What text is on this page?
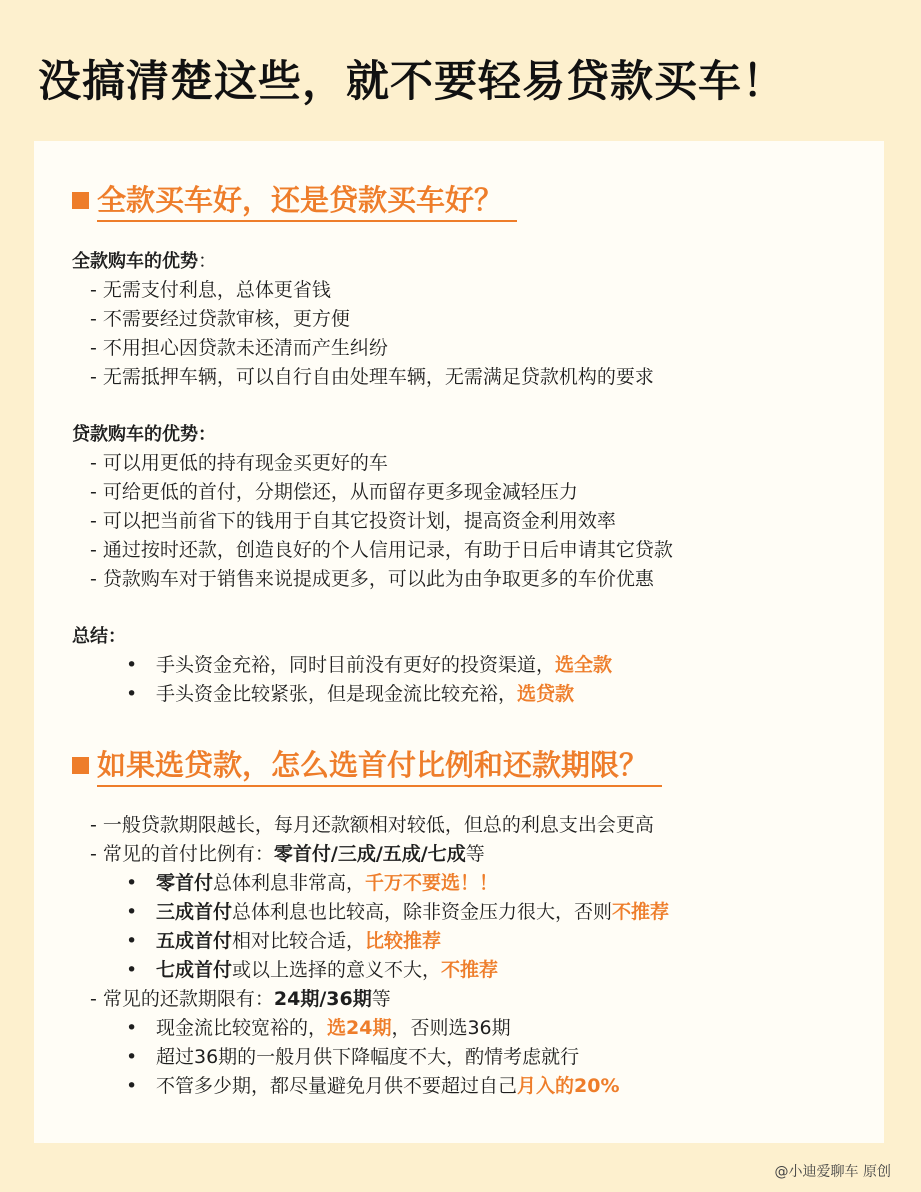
没搞清楚这些，就不要轻易贷款买车！
全款买车好，还是贷款买车好？
全款购车的优势：
- 无需支付利息，总体更省钱
- 不需要经过贷款审核，更方便
- 不用担心因贷款未还清而产生纠纷
- 无需抵押车辆，可以自行自由处理车辆，无需满足贷款机构的要求
贷款购车的优势：
- 可以用更低的持有现金买更好的车
- 可给更低的首付，分期偿还，从而留存更多现金减轻压力
- 可以把当前省下的钱用于自其它投资计划，提高资金利用效率
- 通过按时还款，创造良好的个人信用记录，有助于日后申请其它贷款
- 贷款购车对于销售来说提成更多，可以此为由争取更多的车价优惠
总结：
• 手头资金充裕，同时目前没有更好的投资渠道，选全款
• 手头资金比较紧张，但是现金流比较充裕，选贷款
如果选贷款，怎么选首付比例和还款期限？
- 一般贷款期限越长，每月还款额相对较低，但总的利息支出会更高
- 常见的首付比例有：零首付/三成/五成/七成等
• 零首付总体利息非常高，千万不要选！！
• 三成首付总体利息也比较高，除非资金压力很大，否则不推荐
• 五成首付相对比较合适，比较推荐
• 七成首付或以上选择的意义不大，不推荐
- 常见的还款期限有：24期/36期等
• 现金流比较宽裕的，选24期，否则选36期
• 超过36期的一般月供下降幅度不大，酌情考虑就行
• 不管多少期，都尽量避免月供不要超过自己月入的20%
@小迪爱聊车 原创
